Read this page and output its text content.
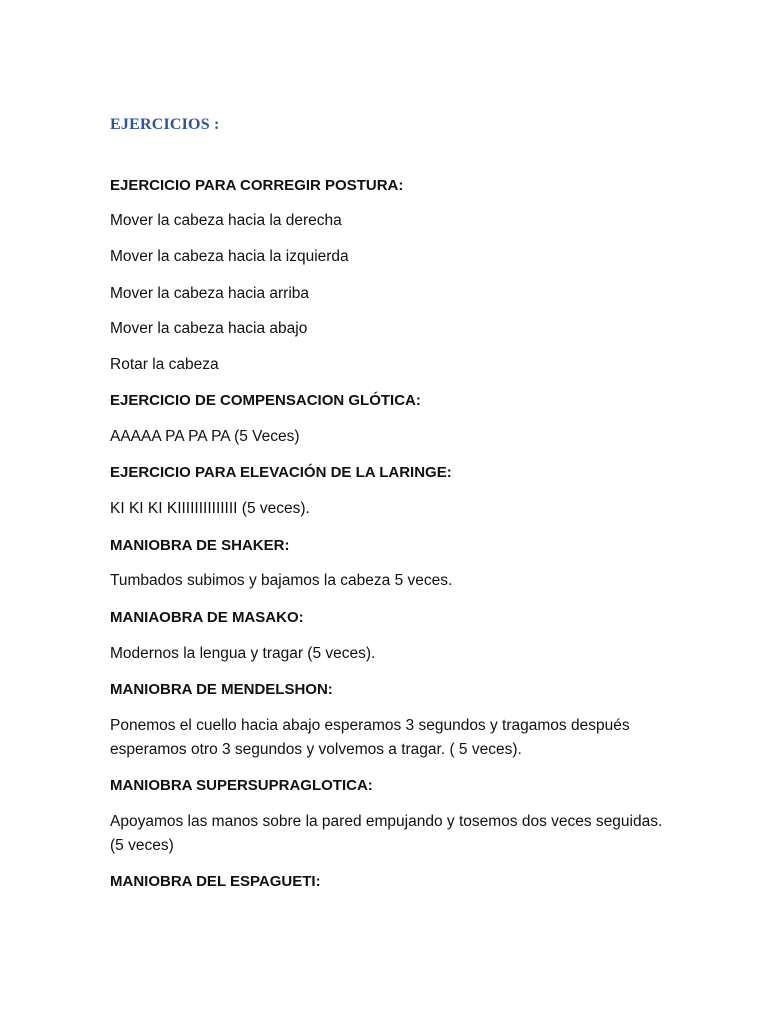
EJERCICIOS :
EJERCICIO PARA CORREGIR POSTURA:
Mover la cabeza hacia la derecha
Mover la cabeza hacia la izquierda
Mover la cabeza hacia arriba
Mover la cabeza hacia abajo
Rotar la cabeza
EJERCICIO DE COMPENSACION GLÓTICA:
AAAAA PA PA PA (5 Veces)
EJERCICIO PARA ELEVACIÓN DE LA LARINGE:
KI KI KI KIIIIIIIIIIIIII (5 veces).
MANIOBRA DE SHAKER:
Tumbados subimos y bajamos la cabeza 5 veces.
MANIAOBRA DE MASAKO:
Modernos la lengua y tragar (5 veces).
MANIOBRA DE MENDELSHON:
Ponemos el cuello hacia abajo esperamos 3 segundos y tragamos después esperamos otro 3 segundos y volvemos a tragar. ( 5 veces).
MANIOBRA SUPERSUPRAGLOTICA:
Apoyamos las manos sobre la pared empujando y tosemos dos veces seguidas. (5 veces)
MANIOBRA DEL ESPAGUETI:
